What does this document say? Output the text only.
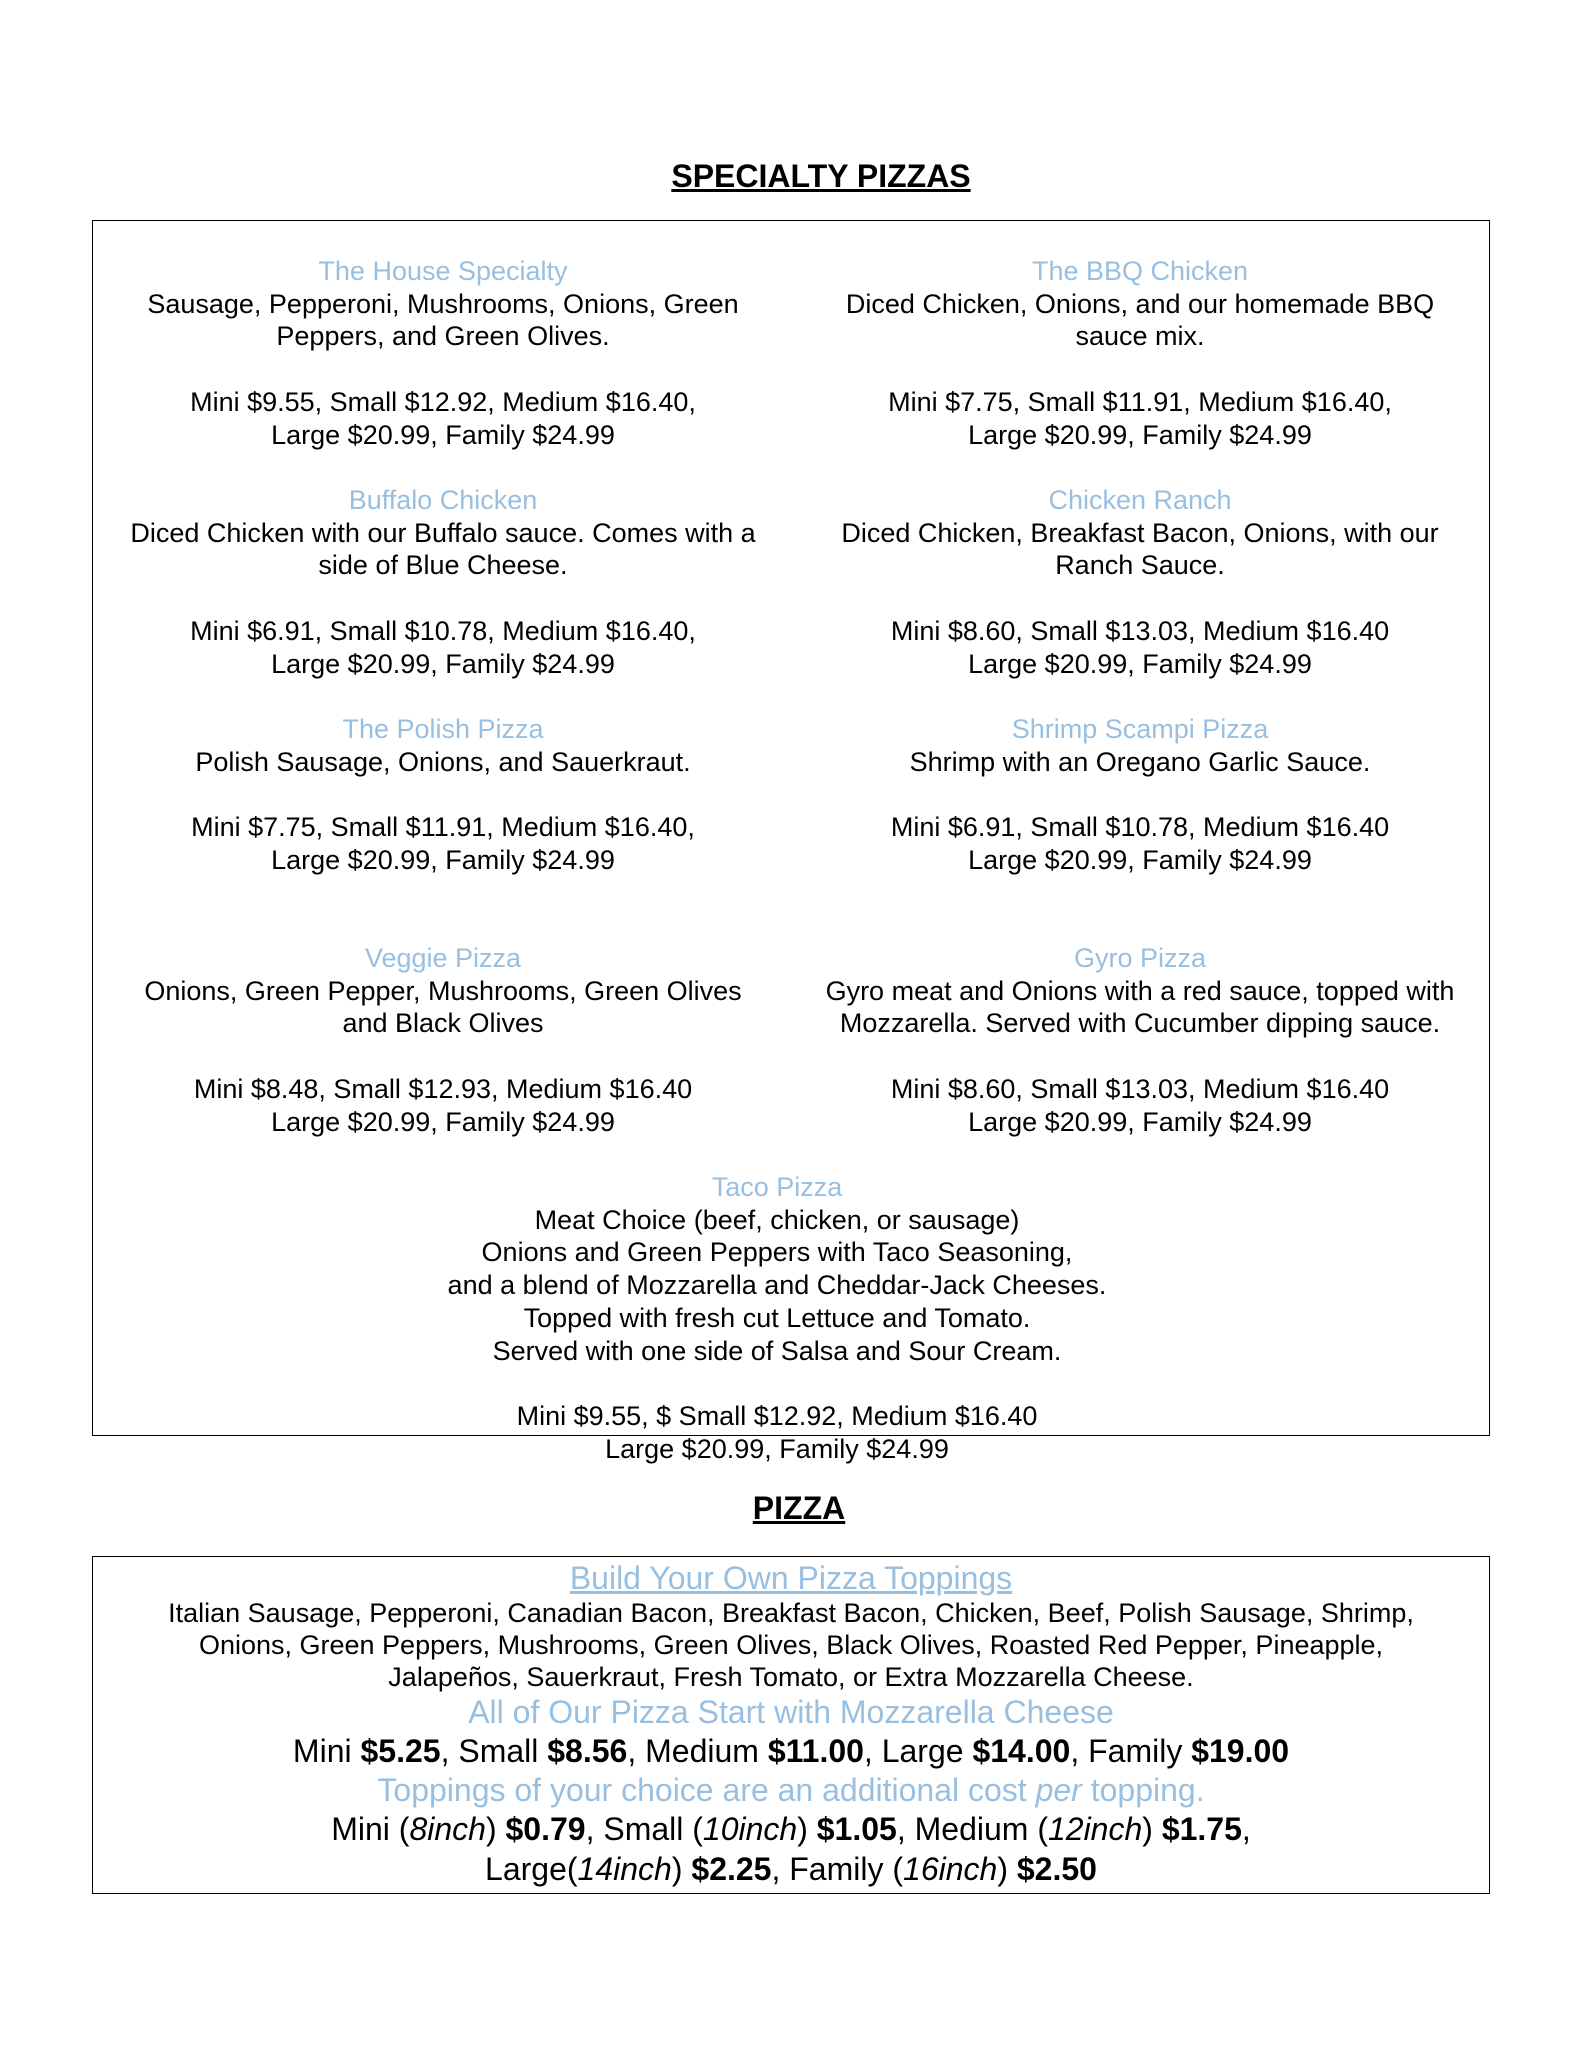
SPECIALTY PIZZAS
The House Specialty
Sausage, Pepperoni, Mushrooms, Onions, Green
Peppers, and Green Olives.
Mini $9.55, Small $12.92, Medium $16.40,
Large $20.99, Family $24.99
Buffalo Chicken
Diced Chicken with our Buffalo sauce. Comes with a
side of Blue Cheese.
Mini $6.91, Small $10.78, Medium $16.40,
Large $20.99, Family $24.99
The Polish Pizza
Polish Sausage, Onions, and Sauerkraut.
Mini $7.75, Small $11.91, Medium $16.40,
Large $20.99, Family $24.99
Veggie Pizza
Onions, Green Pepper, Mushrooms, Green Olives
and Black Olives
Mini $8.48, Small $12.93, Medium $16.40
Large $20.99, Family $24.99
The BBQ Chicken
Diced Chicken, Onions, and our homemade BBQ
sauce mix.
Mini $7.75, Small $11.91, Medium $16.40,
Large $20.99, Family $24.99
Chicken Ranch
Diced Chicken, Breakfast Bacon, Onions, with our
Ranch Sauce.
Mini $8.60, Small $13.03, Medium $16.40
Large $20.99, Family $24.99
Shrimp Scampi Pizza
Shrimp with an Oregano Garlic Sauce.
Mini $6.91, Small $10.78, Medium $16.40
Large $20.99, Family $24.99
Gyro Pizza
Gyro meat and Onions with a red sauce, topped with
Mozzarella. Served with Cucumber dipping sauce.
Mini $8.60, Small $13.03, Medium $16.40
Large $20.99, Family $24.99
Taco Pizza
Meat Choice (beef, chicken, or sausage)
Onions and Green Peppers with Taco Seasoning,
and a blend of Mozzarella and Cheddar-Jack Cheeses.
Topped with fresh cut Lettuce and Tomato.
Served with one side of Salsa and Sour Cream.
Mini $9.55, $ Small $12.92, Medium $16.40
Large $20.99, Family $24.99
PIZZA
Build Your Own Pizza Toppings
Italian Sausage, Pepperoni, Canadian Bacon, Breakfast Bacon, Chicken, Beef, Polish Sausage, Shrimp,
Onions, Green Peppers, Mushrooms, Green Olives, Black Olives, Roasted Red Pepper, Pineapple,
Jalapeños, Sauerkraut, Fresh Tomato, or Extra Mozzarella Cheese.
All of Our Pizza Start with Mozzarella Cheese
Mini $5.25, Small $8.56, Medium $11.00, Large $14.00, Family $19.00
Toppings of your choice are an additional cost per topping.
Mini (8inch) $0.79, Small (10inch) $1.05, Medium (12inch) $1.75,
Large(14inch) $2.25, Family (16inch) $2.50
